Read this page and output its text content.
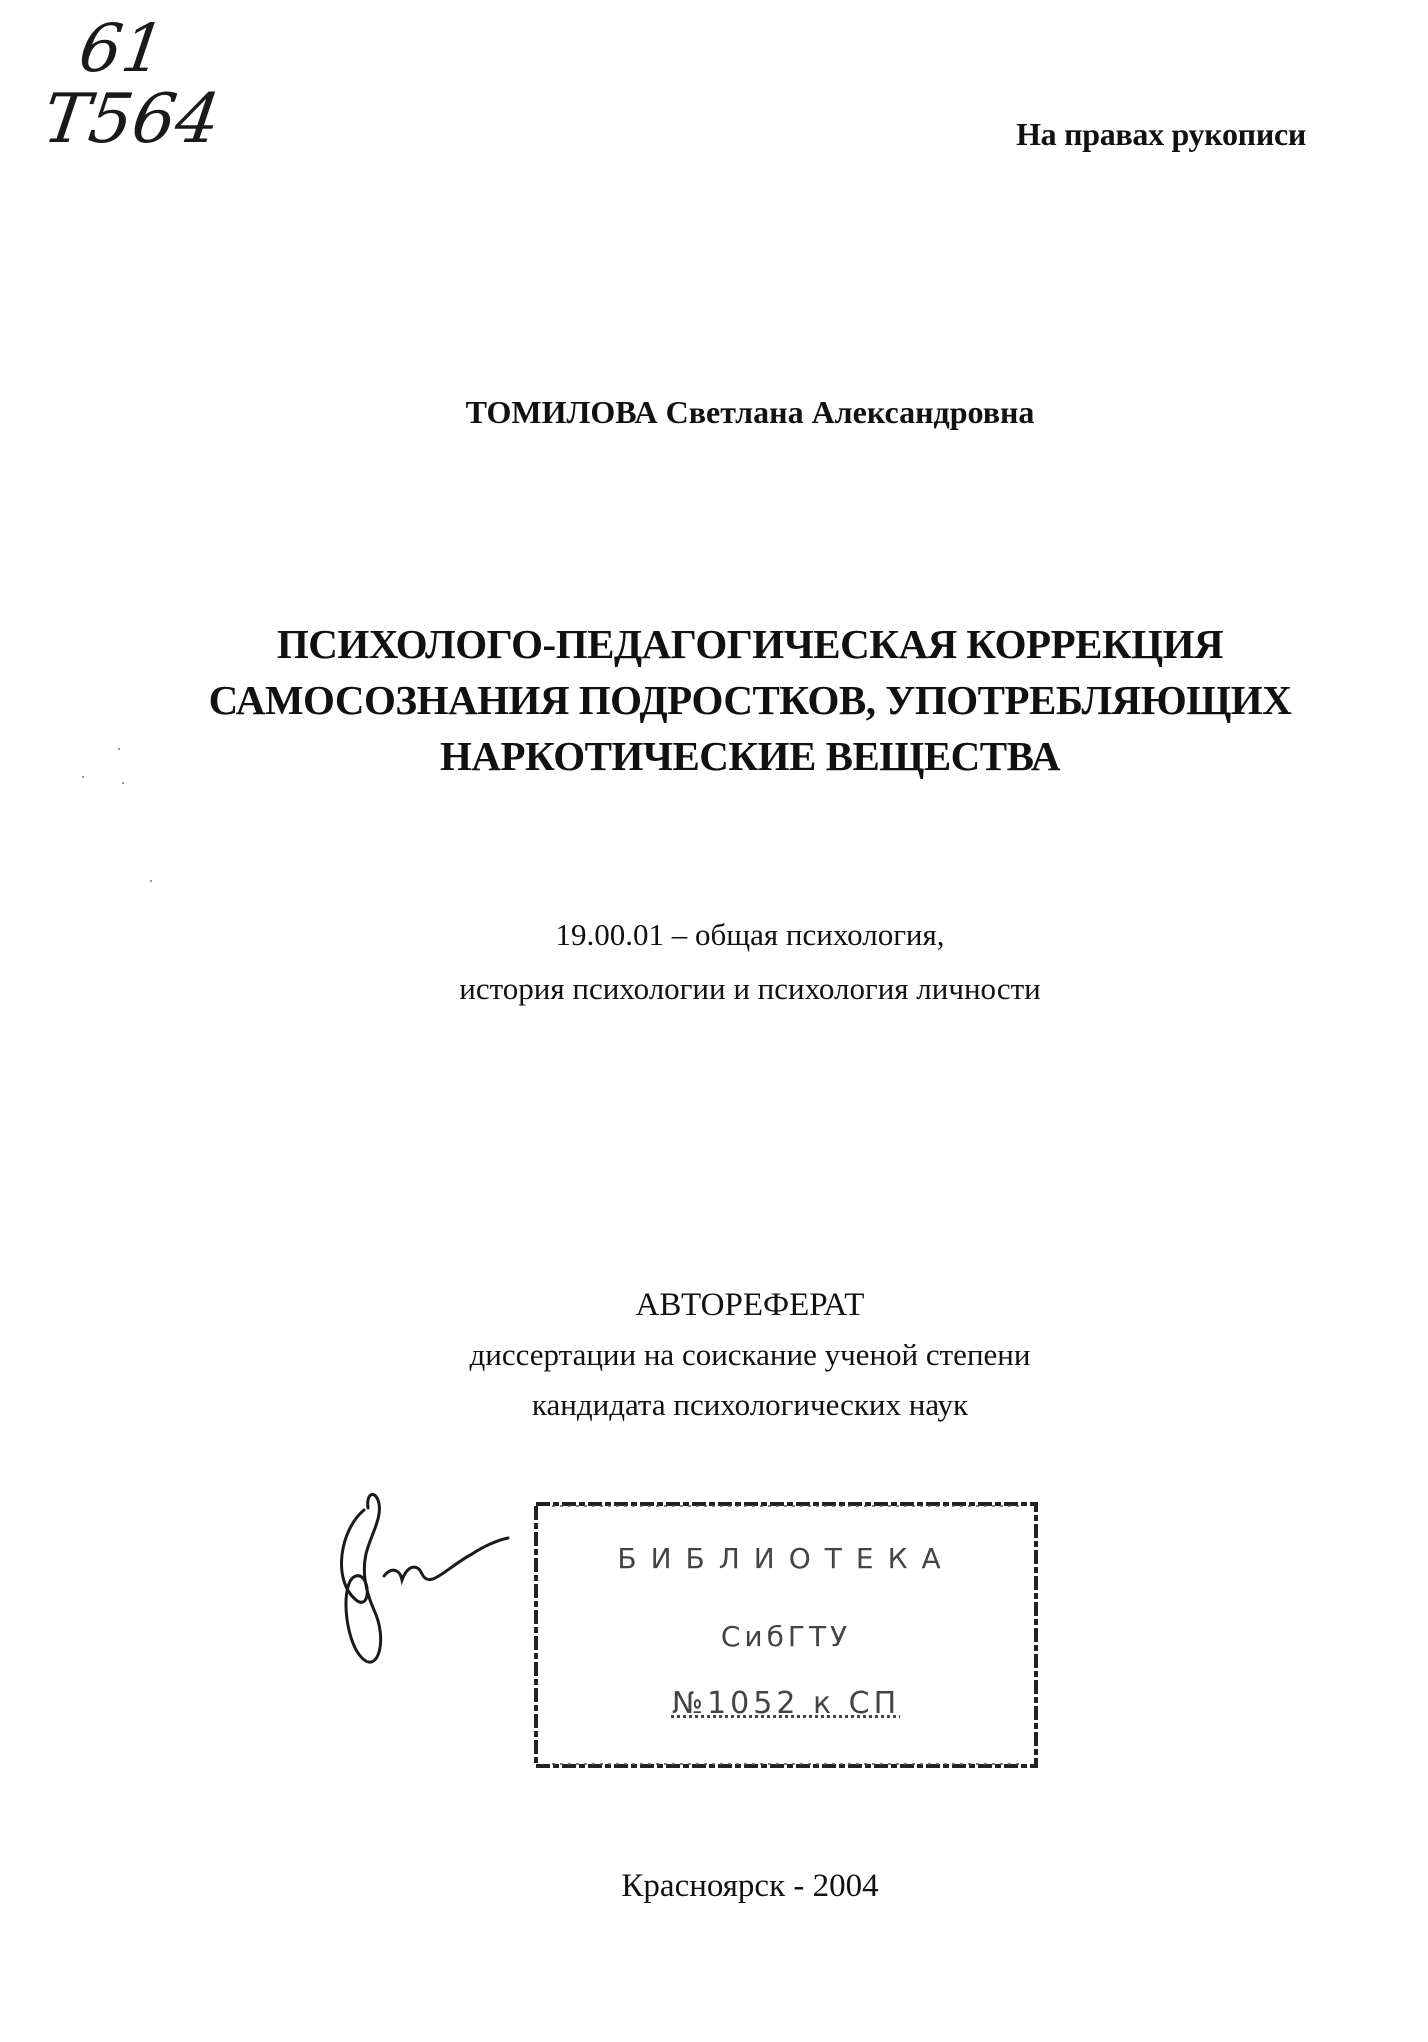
61
Т564	На правах рукописи
ТОМИЛОВА Светлана Александровна
ПСИХОЛОГО-ПЕДАГОГИЧЕСКАЯ КОРРЕКЦИЯ
САМОСОЗНАНИЯ ПОДРОСТКОВ, УПОТРЕБЛЯЮЩИХ
НАРКОТИЧЕСКИЕ ВЕЩЕСТВА
19.00.01 – общая психология,
история психологии и психология личности
АВТОРЕФЕРАТ
диссертации на соискание ученой степени
кандидата психологических наук
БИБЛИОТЕКА
СибГТУ
№1052 к СП
Красноярск - 2004
